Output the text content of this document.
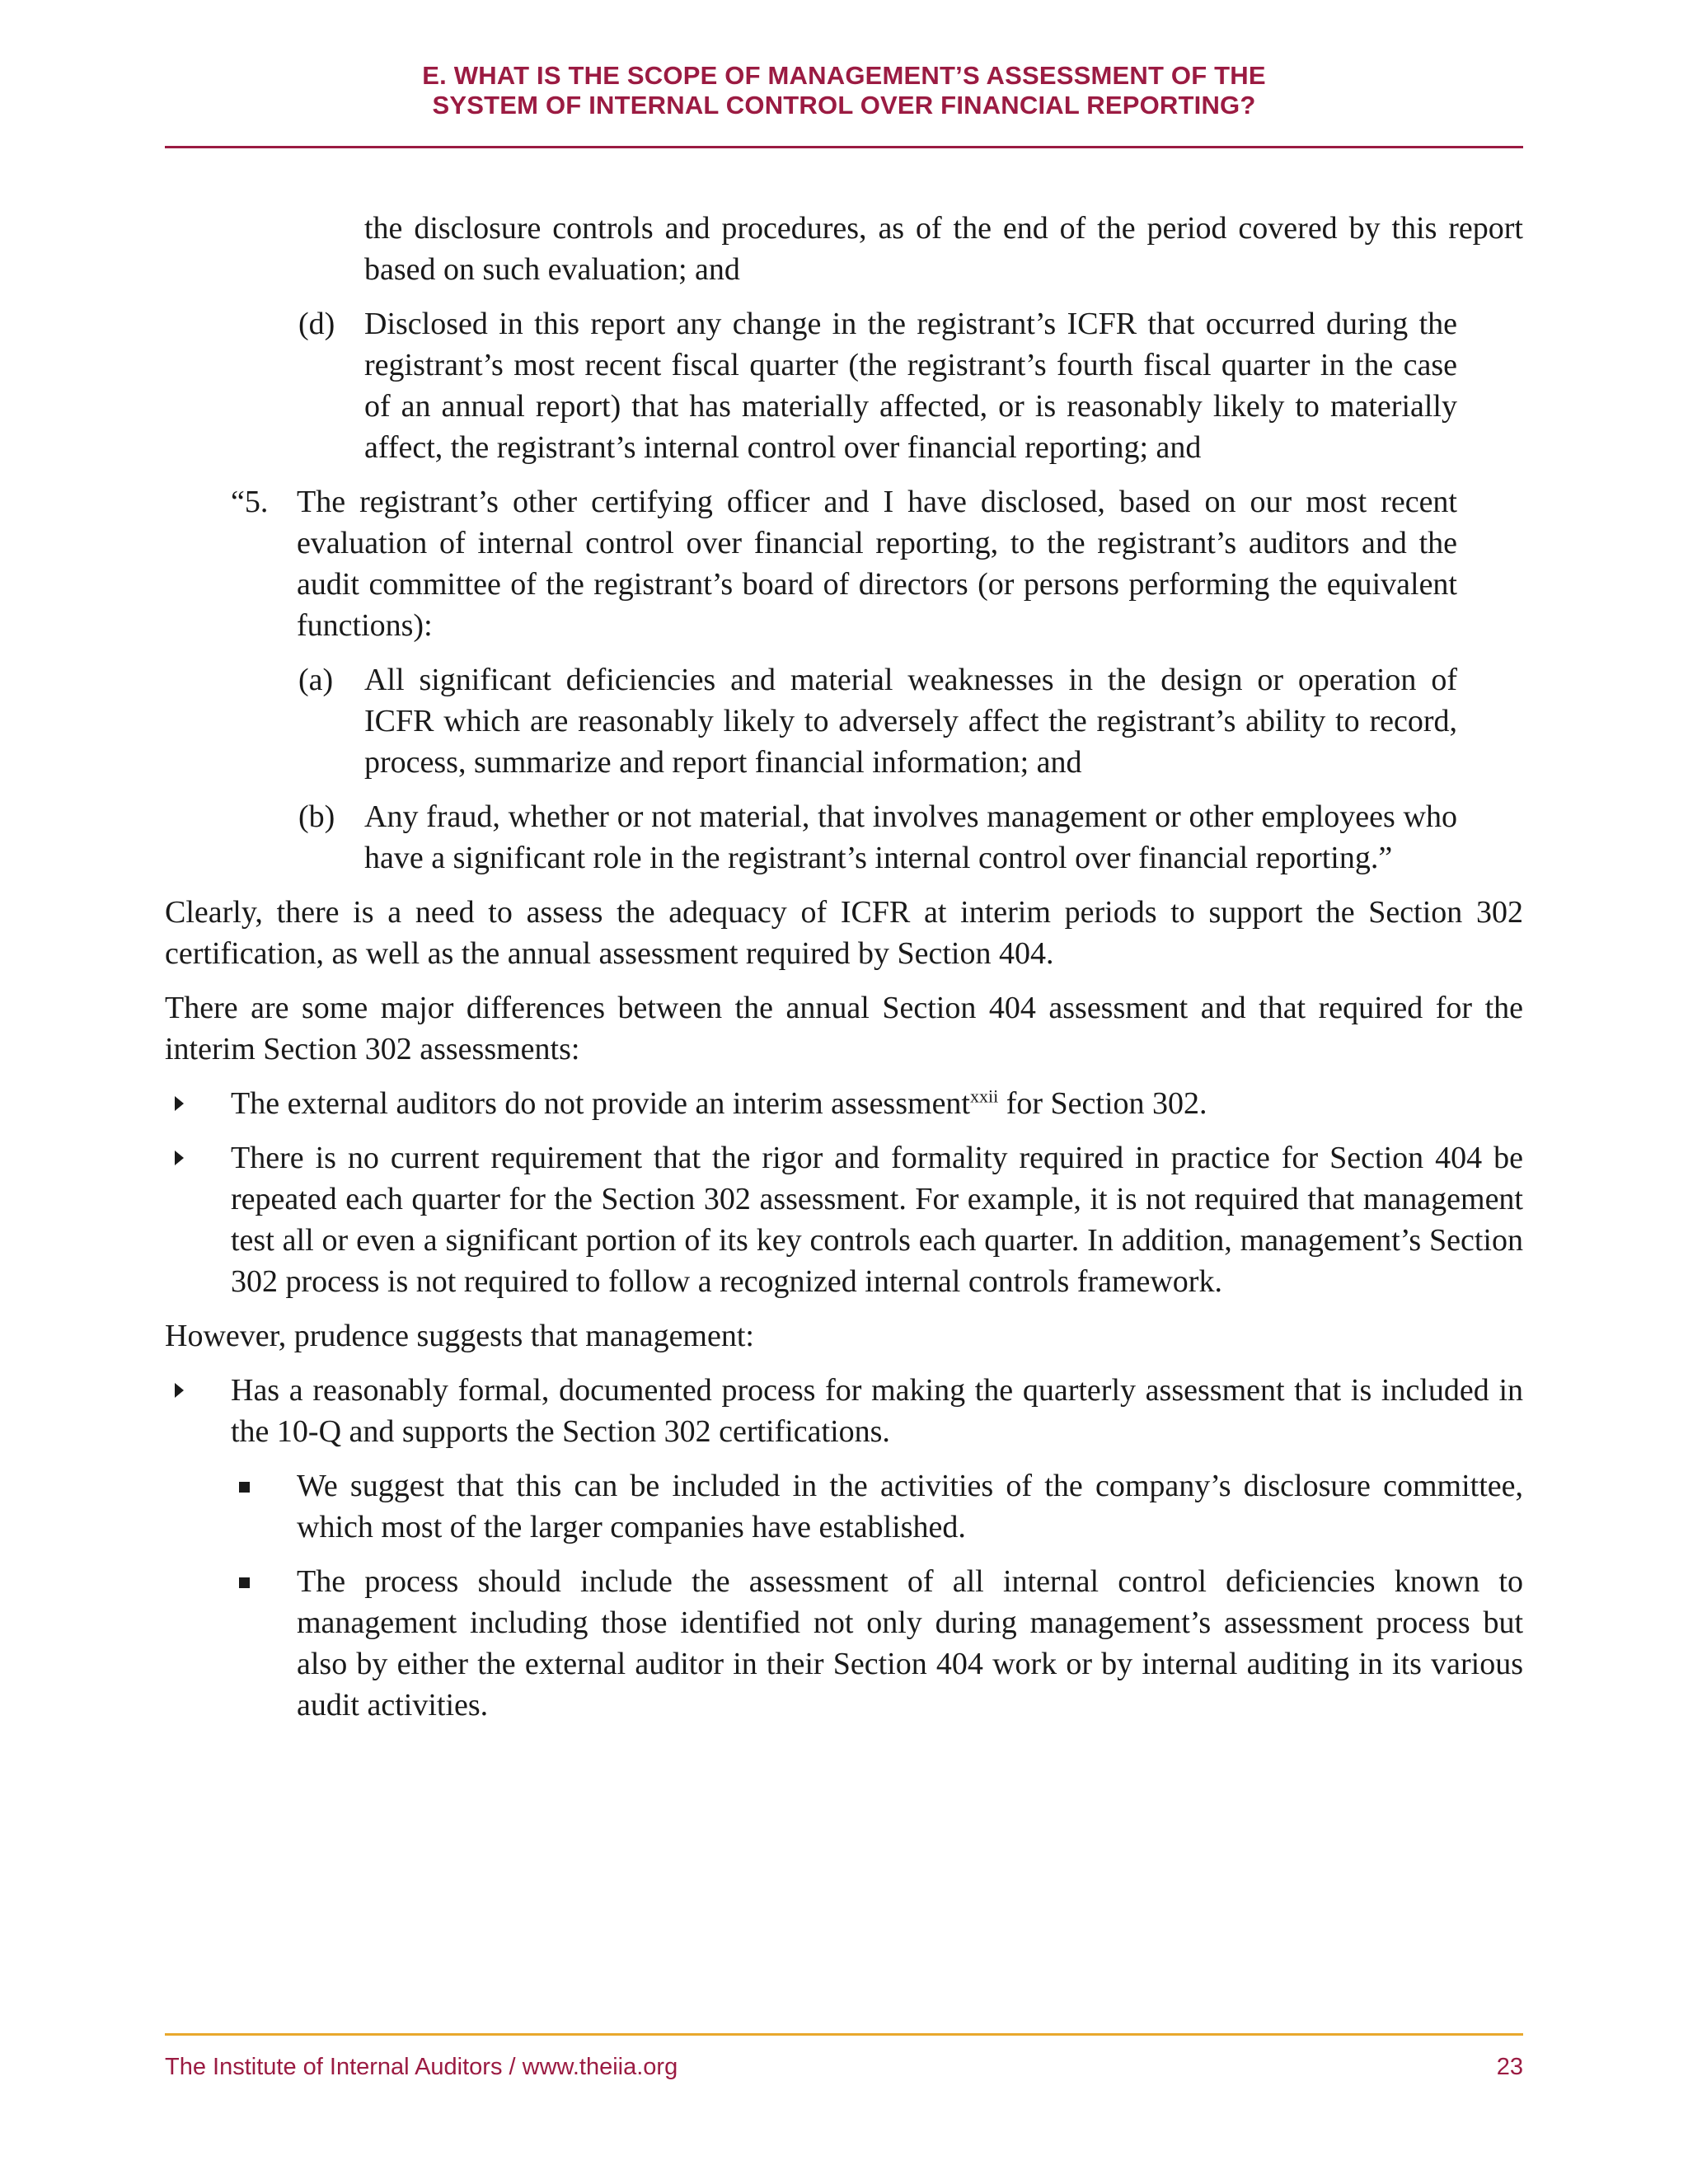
E. WHAT IS THE SCOPE OF MANAGEMENT’S ASSESSMENT OF THE
SYSTEM OF INTERNAL CONTROL OVER FINANCIAL REPORTING?

the disclosure controls and procedures, as of the end of the period covered by this report based on such evaluation; and

(d) Disclosed in this report any change in the registrant’s ICFR that occurred during the registrant’s most recent fiscal quarter (the registrant’s fourth fiscal quarter in the case of an annual report) that has materially affected, or is reasonably likely to materially affect, the registrant’s internal control over financial reporting; and

“5. The registrant’s other certifying officer and I have disclosed, based on our most recent evaluation of internal control over financial reporting, to the registrant’s auditors and the audit committee of the registrant’s board of directors (or persons performing the equivalent functions):

(a) All significant deficiencies and material weaknesses in the design or operation of ICFR which are reasonably likely to adversely affect the registrant’s ability to record, process, summarize and report financial information; and

(b) Any fraud, whether or not material, that involves management or other employees who have a significant role in the registrant’s internal control over financial reporting.”

Clearly, there is a need to assess the adequacy of ICFR at interim periods to support the Section 302 certification, as well as the annual assessment required by Section 404.

There are some major differences between the annual Section 404 assessment and that required for the interim Section 302 assessments:

The external auditors do not provide an interim assessment$^{xxii}$ for Section 302.

There is no current requirement that the rigor and formality required in practice for Section 404 be repeated each quarter for the Section 302 assessment. For example, it is not required that management test all or even a significant portion of its key controls each quarter. In addition, management’s Section 302 process is not required to follow a recognized internal controls framework.

However, prudence suggests that management:

Has a reasonably formal, documented process for making the quarterly assessment that is included in the 10-Q and supports the Section 302 certifications.

We suggest that this can be included in the activities of the company’s disclosure committee, which most of the larger companies have established.

The process should include the assessment of all internal control deficiencies known to management including those identified not only during management’s assessment process but also by either the external auditor in their Section 404 work or by internal auditing in its various audit activities.

The Institute of Internal Auditors / www.theiia.org	23
